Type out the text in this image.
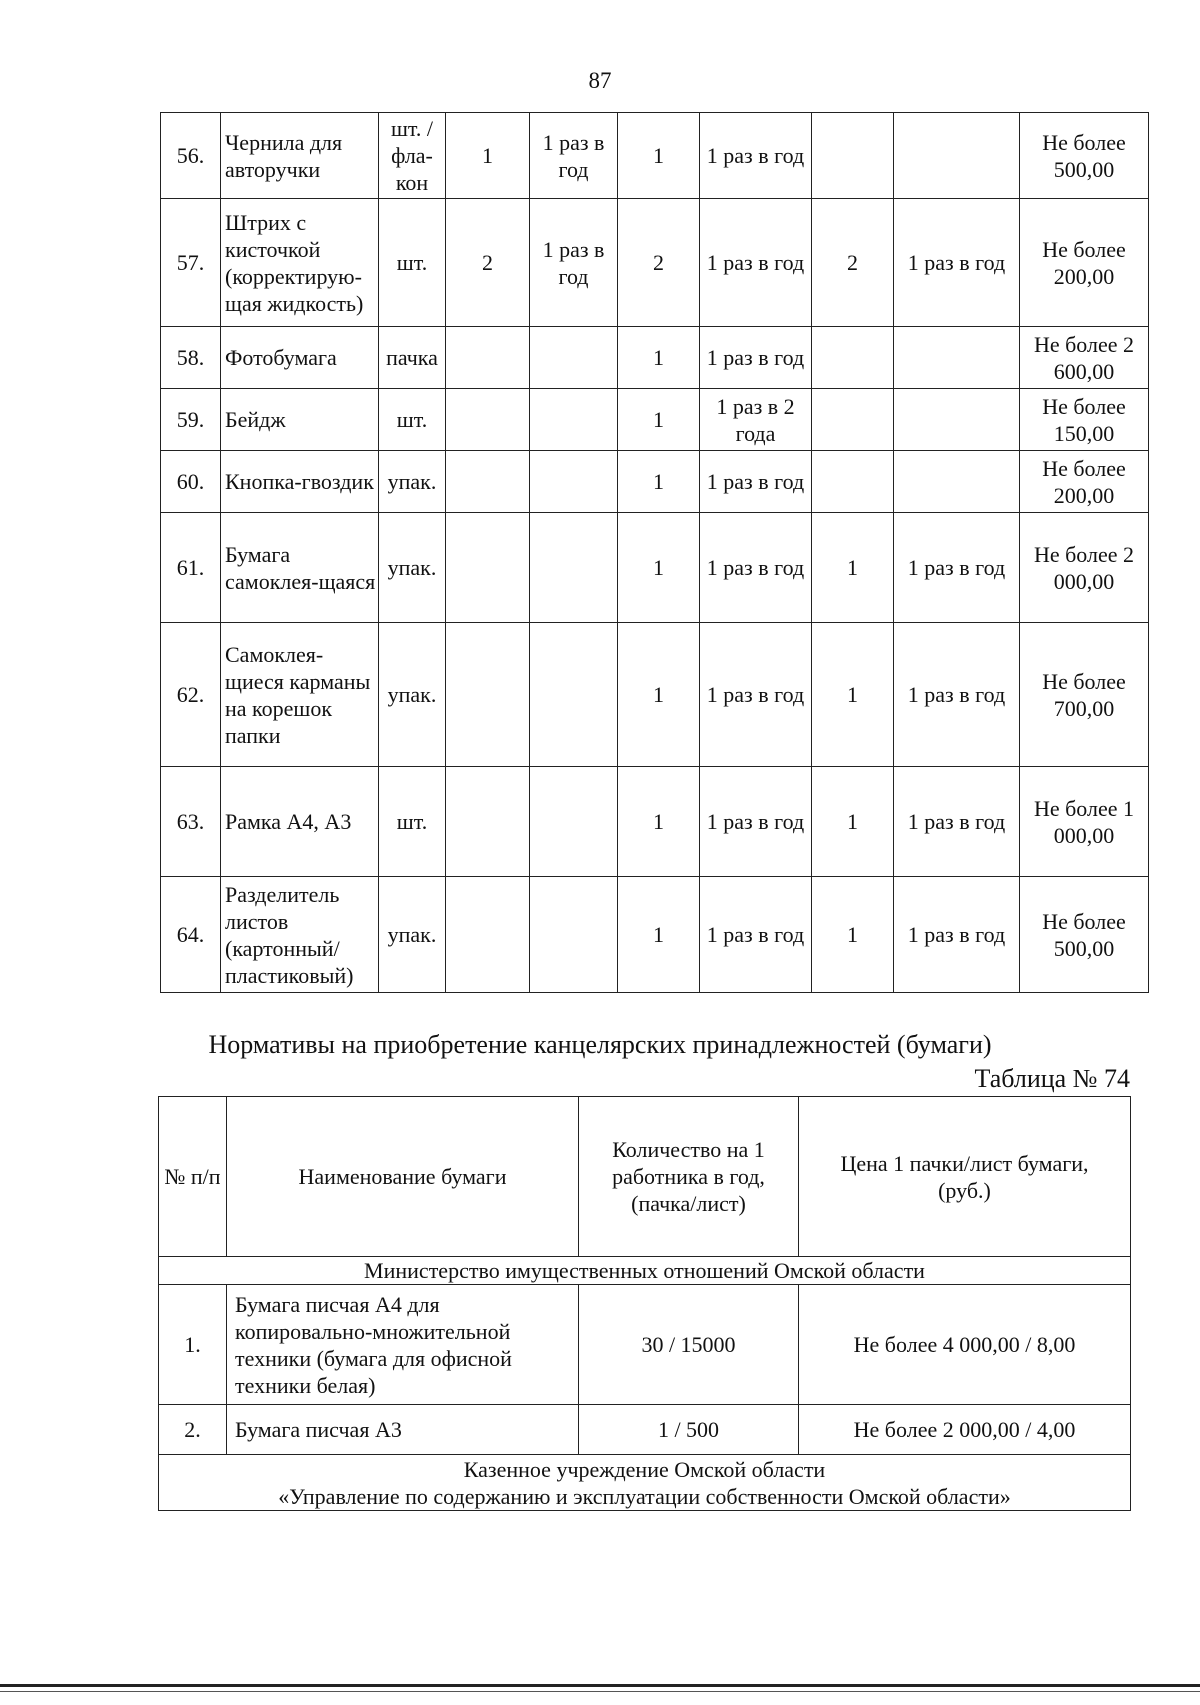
87
56.	Чернила для авторучки	шт. / фла-кон	1	1 раз в год	1	1 раз в год			Не более 500,00
57.	Штрих с кисточкой (корректирую-щая жидкость)	шт.	2	1 раз в год	2	1 раз в год	2	1 раз в год	Не более 200,00
58.	Фотобумага	пачка			1	1 раз в год			Не более 2 600,00
59.	Бейдж	шт.			1	1 раз в 2 года			Не более 150,00
60.	Кнопка-гвоздик	упак.			1	1 раз в год			Не более 200,00
61.	Бумага самоклея-щаяся	упак.			1	1 раз в год	1	1 раз в год	Не более 2 000,00
62.	Самоклея-щиеся карманы на корешок папки	упак.			1	1 раз в год	1	1 раз в год	Не более 700,00
63.	Рамка А4, А3	шт.			1	1 раз в год	1	1 раз в год	Не более 1 000,00
64.	Разделитель листов (картонный/ пластиковый)	упак.			1	1 раз в год	1	1 раз в год	Не более 500,00
Нормативы на приобретение канцелярских принадлежностей (бумаги)
Таблица № 74
№ п/п	Наименование бумаги	Количество на 1 работника в год, (пачка/лист)	Цена 1 пачки/лист бумаги, (руб.)
Министерство имущественных отношений Омской области			
1.	Бумага писчая А4 для копировально-множительной техники (бумага для офисной техники белая)	30 / 15000	Не более 4 000,00 / 8,00
2.	Бумага писчая А3	1 / 500	Не более 2 000,00 / 4,00

Казенное учреждение Омской области
«Управление по содержанию и эксплуатации собственности Омской области»			
